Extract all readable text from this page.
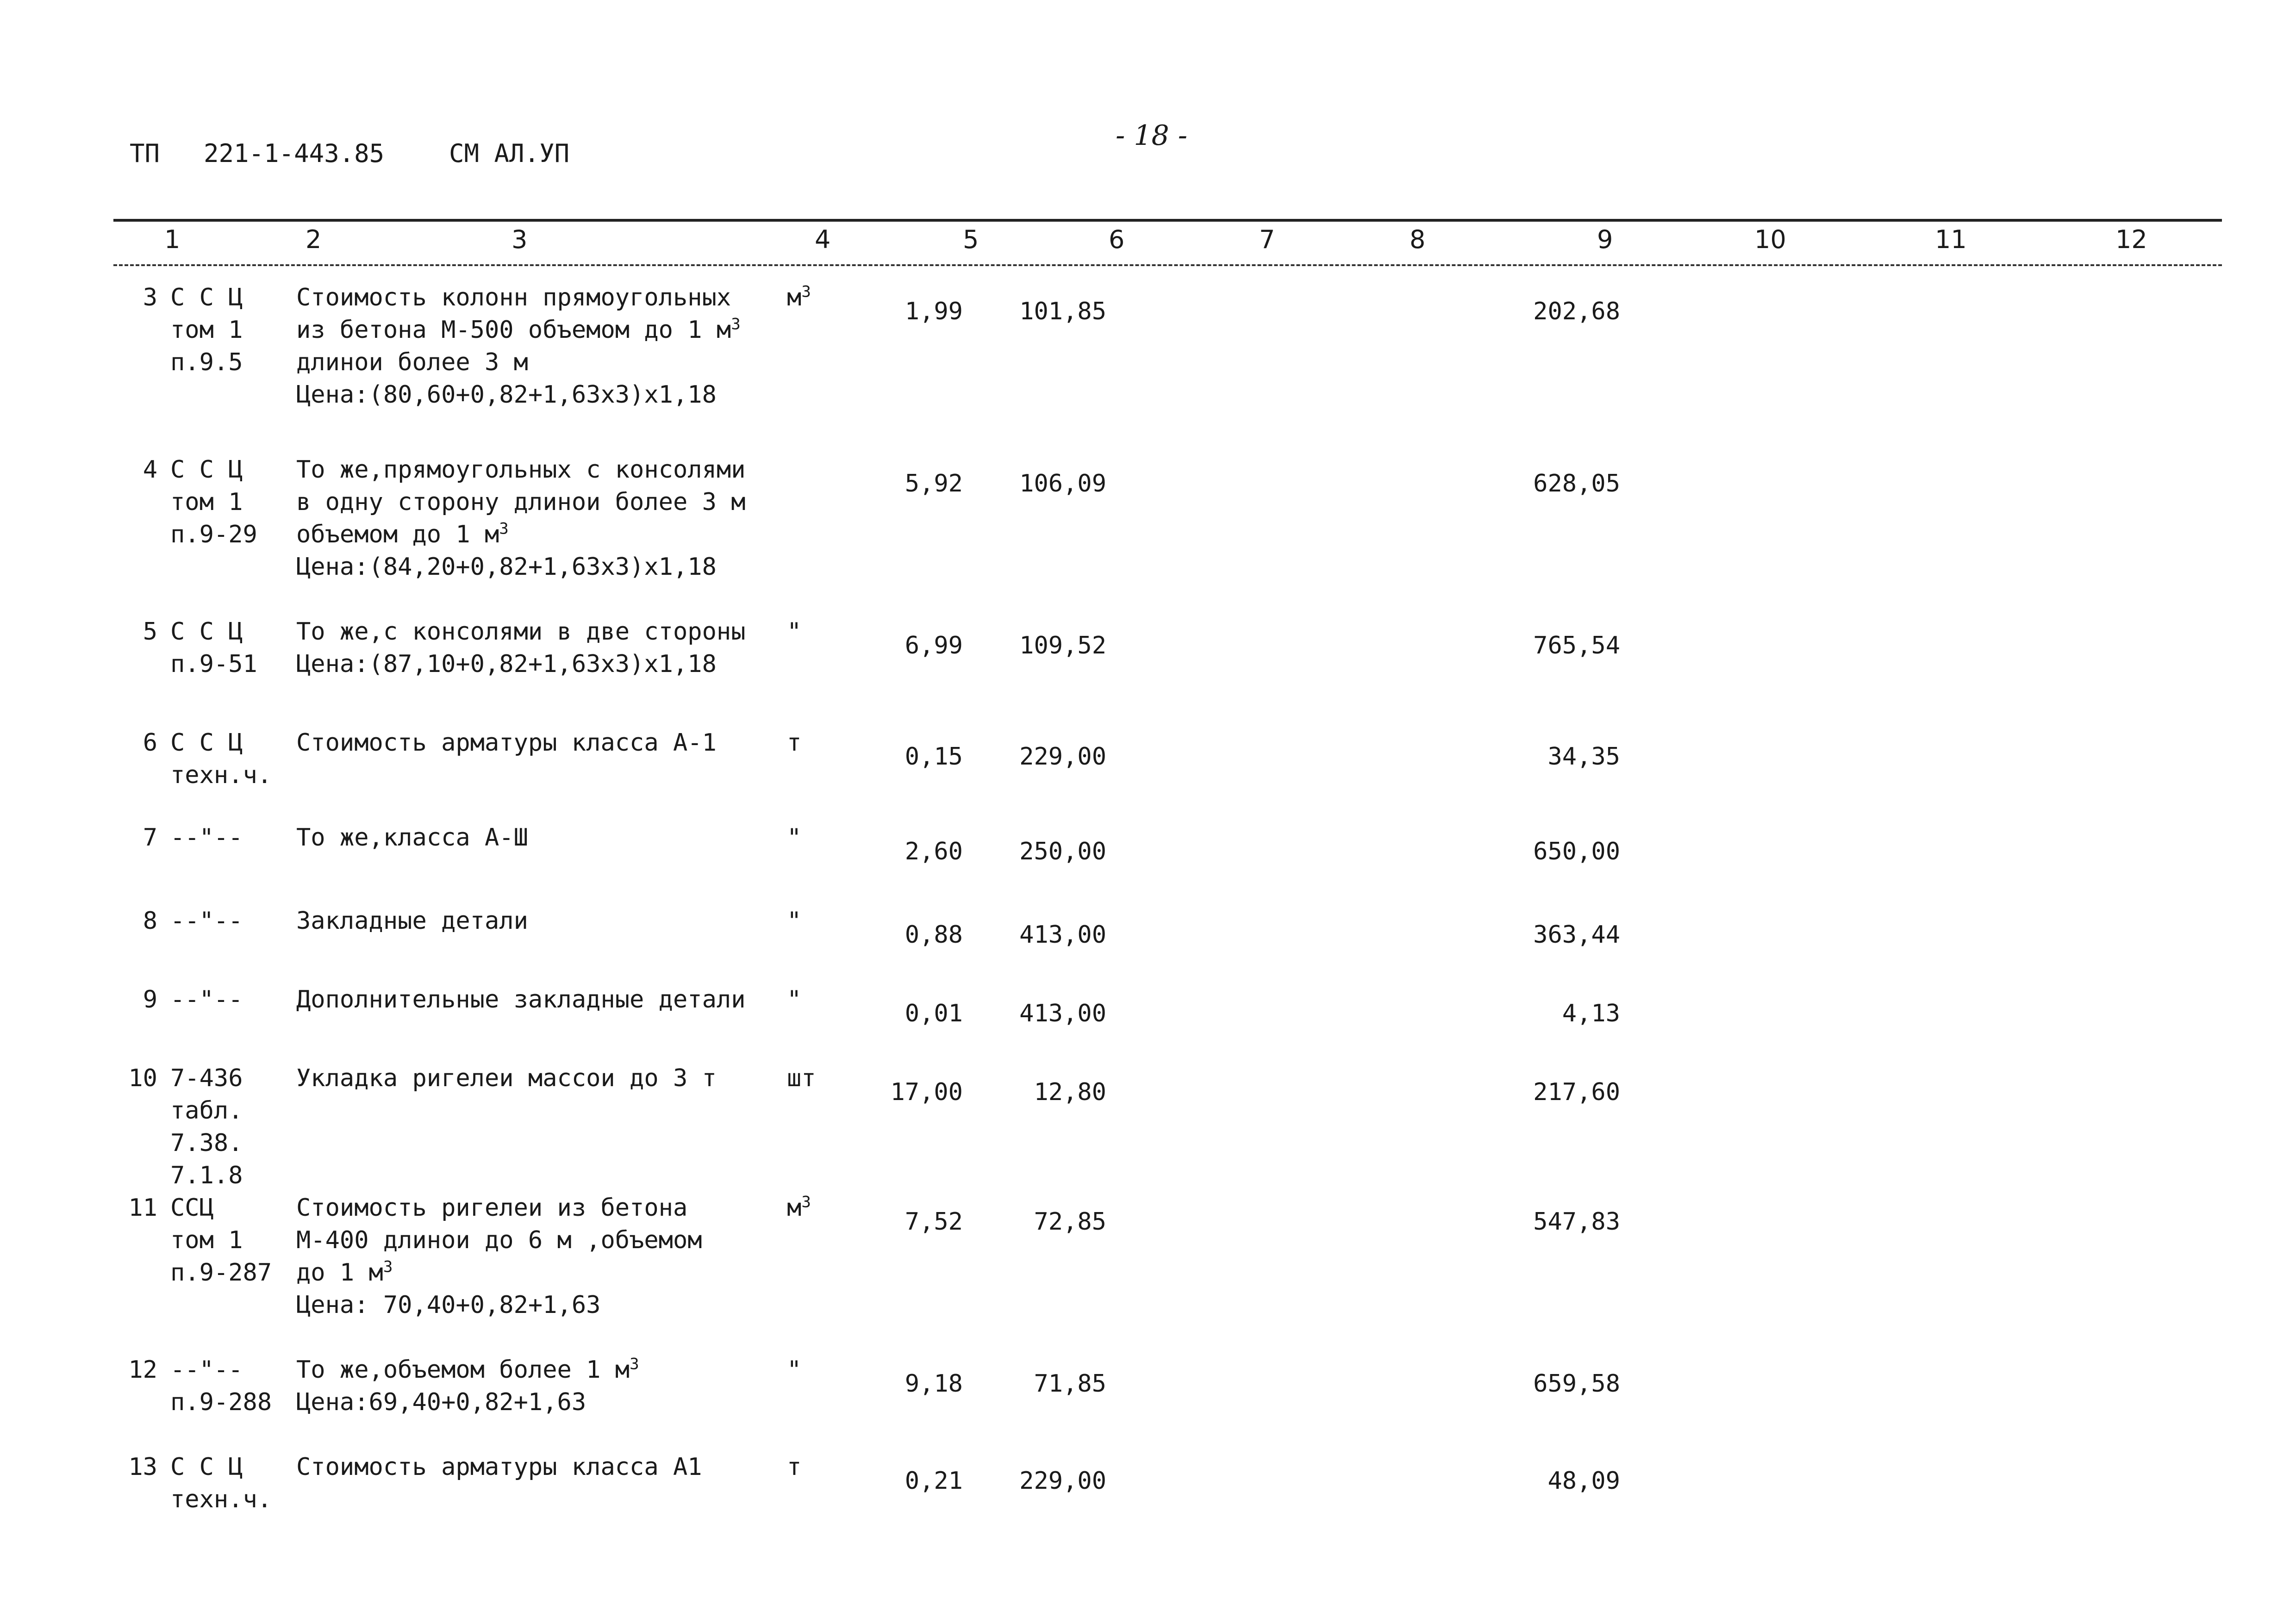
ТП 221-1-443.85	СМ АЛ.УП
- 18 -
1	2	3	4	5	6	7	8	9	10	11	12
3 С С Ц
том 1
п.9.5
Стоимость колонн прямоугольных
из бетона М-500 объемом до 1 $м^3$
длинои более 3 м
Цена:(80,60+0,82+1,63х3)х1,18
$м^3$
1,99	101,85	202,68
4 С С Ц
том 1
п.9-29
То же,прямоугольных с консолями
в одну сторону длинои более 3 м
объемом до 1 $м^3$
Цена:(84,20+0,82+1,63х3)х1,18
5,92	106,09	628,05
5 С С Ц
п.9-51
То же,с консолями в две стороны
Цена:(87,10+0,82+1,63х3)х1,18
"	6,99	109,52	765,54
6 С С Ц
техн.ч.
Стоимость арматуры класса А-1	т	0,15	229,00	34,35
7 --"-- То же,класса А-Ш	"	2,60	250,00	650,00
8 --"-- Закладные детали	"	0,88	413,00	363,44
9 --"-- Дополнительные закладные детали "	0,01	413,00	4,13
10 7-436
табл.
7.38.
7.1.8
Укладка ригелеи массои до 3 т	шт	17,00	12,80	217,60
11 ССЦ
том 1
п.9-287
Стоимость ригелеи из бетона
М-400 длинои до 6 м ,объемом
до 1 $м^3$
Цена: 70,40+0,82+1,63
$м^3$
7,52	72,85	547,83
12 --"--
п.9-288
То же,объемом более 1 $м^3$
Цена:69,40+0,82+1,63
"	9,18	71,85	659,58
13 С С Ц
техн.ч.
Стоимость арматуры класса А1	т	0,21	229,00	48,09
